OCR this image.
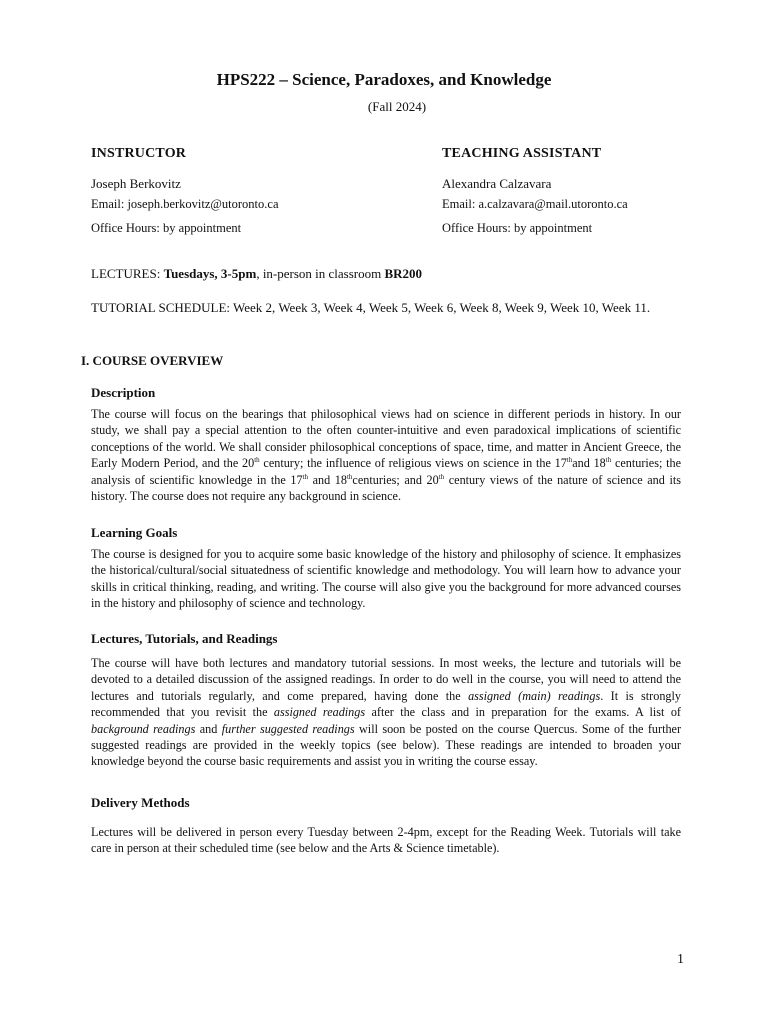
HPS222 – Science, Paradoxes, and Knowledge
(Fall 2024)
INSTRUCTOR
Joseph Berkovitz
Email: joseph.berkovitz@utoronto.ca
Office Hours: by appointment
TEACHING ASSISTANT
Alexandra Calzavara
Email: a.calzavara@mail.utoronto.ca
Office Hours: by appointment
LECTURES: Tuesdays, 3-5pm, in-person in classroom BR200
TUTORIAL SCHEDULE: Week 2, Week 3, Week 4, Week 5, Week 6, Week 8, Week 9, Week 10, Week 11.
I. COURSE OVERVIEW
Description
The course will focus on the bearings that philosophical views had on science in different periods in history. In our study, we shall pay a special attention to the often counter-intuitive and even paradoxical implications of scientific conceptions of the world. We shall consider philosophical conceptions of space, time, and matter in Ancient Greece, the Early Modern Period, and the 20th century; the influence of religious views on science in the 17thand 18th centuries; the analysis of scientific knowledge in the 17th and 18thcenturies; and 20th century views of the nature of science and its history. The course does not require any background in science.
Learning Goals
The course is designed for you to acquire some basic knowledge of the history and philosophy of science. It emphasizes the historical/cultural/social situatedness of scientific knowledge and methodology. You will learn how to advance your skills in critical thinking, reading, and writing. The course will also give you the background for more advanced courses in the history and philosophy of science and technology.
Lectures, Tutorials, and Readings
The course will have both lectures and mandatory tutorial sessions. In most weeks, the lecture and tutorials will be devoted to a detailed discussion of the assigned readings. In order to do well in the course, you will need to attend the lectures and tutorials regularly, and come prepared, having done the assigned (main) readings. It is strongly recommended that you revisit the assigned readings after the class and in preparation for the exams. A list of background readings and further suggested readings will soon be posted on the course Quercus. Some of the further suggested readings are provided in the weekly topics (see below). These readings are intended to broaden your knowledge beyond the course basic requirements and assist you in writing the course essay.
Delivery Methods
Lectures will be delivered in person every Tuesday between 2-4pm, except for the Reading Week. Tutorials will take care in person at their scheduled time (see below and the Arts & Science timetable).
1
